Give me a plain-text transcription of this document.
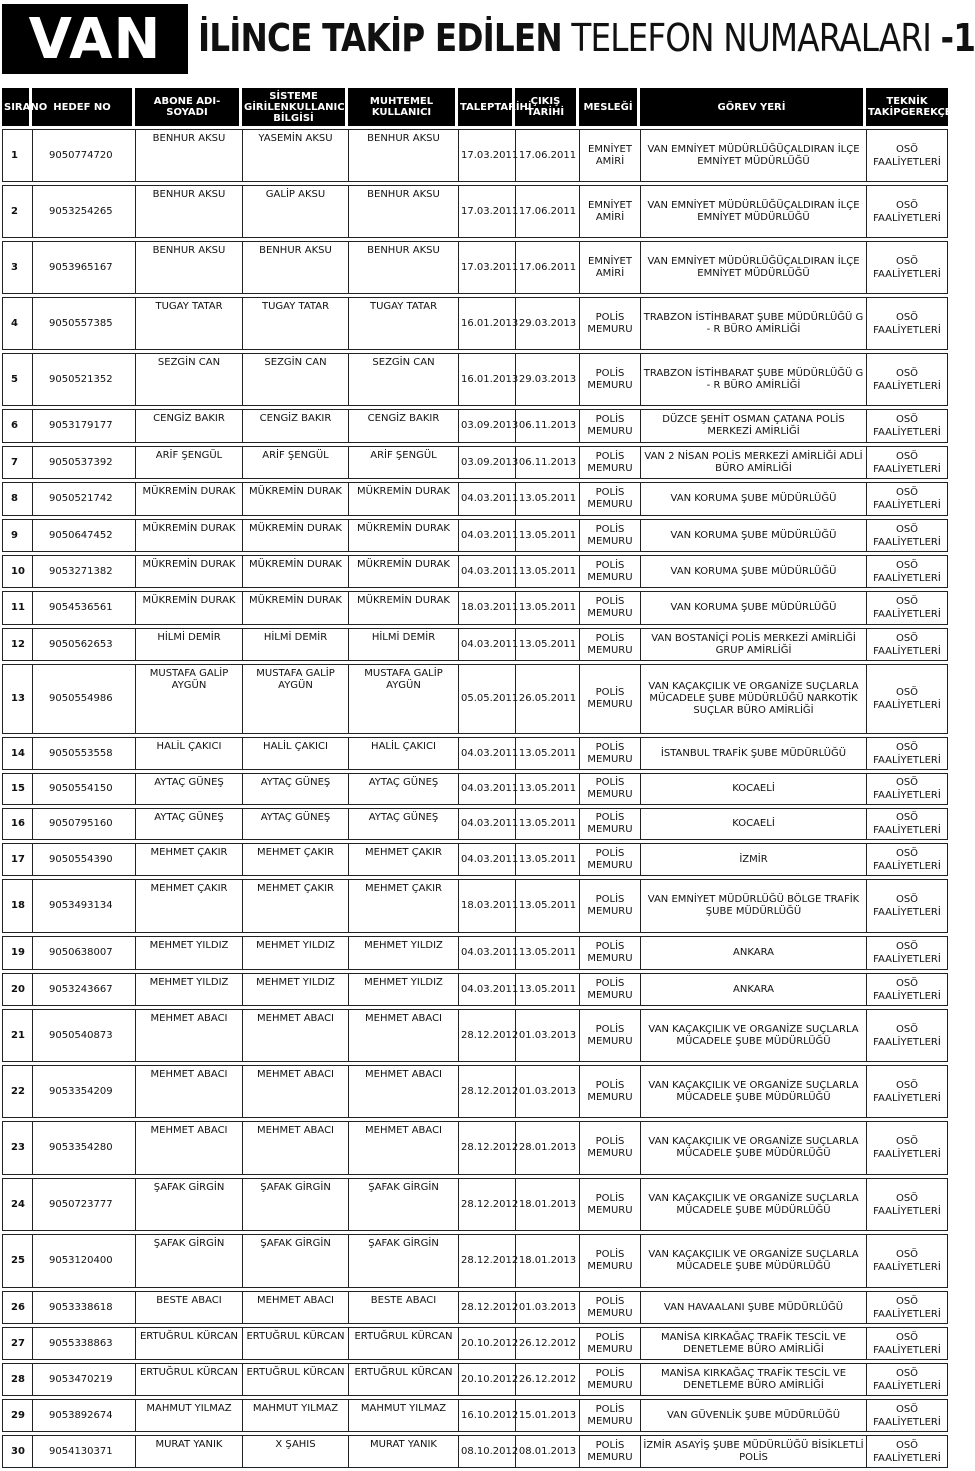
VAN İLİNCE TAKİP EDİLEN TELEFON NUMARALARI -1
SIRANO	HEDEF NO	ABONE ADI-SOYADI	SİSTEME GİRİLENKULLANICI BİLGİSİ	MUHTEMEL KULLANICI	TALEPTARİHİ	ÇIKIŞ TARİHİ	MESLEĞİ	GÖREV YERİ	TEKNİK TAKİPGEREKÇESİ
1	9050774720	BENHUR AKSU	YASEMİN AKSU	BENHUR AKSU	17.03.2011	17.06.2011	EMNİYET
AMİRİ	VAN EMNİYET MÜDÜRLÜĞÜÇALDIRAN İLÇE EMNİYET MÜDÜRLÜĞÜ	OSÖ
FAALİYETLERİ

2	9053254265	BENHUR AKSU	GALİP AKSU	BENHUR AKSU	17.03.2011	17.06.2011	EMNİYET
AMİRİ	VAN EMNİYET MÜDÜRLÜĞÜÇALDIRAN İLÇE EMNİYET MÜDÜRLÜĞÜ	OSÖ
FAALİYETLERİ

3	9053965167	BENHUR AKSU	BENHUR AKSU	BENHUR AKSU	17.03.2011	17.06.2011	EMNİYET
AMİRİ	VAN EMNİYET MÜDÜRLÜĞÜÇALDIRAN İLÇE EMNİYET MÜDÜRLÜĞÜ	OSÖ
FAALİYETLERİ

4	9050557385	TUGAY TATAR	TUGAY TATAR	TUGAY TATAR	16.01.2013	29.03.2013	POLİS
MEMURU	TRABZON İSTİHBARAT ŞUBE MÜDÜRLÜĞÜ G - R BÜRO AMİRLİĞİ	OSÖ
FAALİYETLERİ

5	9050521352	SEZGİN CAN	SEZGİN CAN	SEZGİN CAN	16.01.2013	29.03.2013	POLİS
MEMURU	TRABZON İSTİHBARAT ŞUBE MÜDÜRLÜĞÜ G - R BÜRO AMİRLİĞİ	OSÖ
FAALİYETLERİ

6	9053179177	CENGİZ BAKIR	CENGİZ BAKIR	CENGİZ BAKIR	03.09.2013	06.11.2013	POLİS
MEMURU	DÜZCE ŞEHİT OSMAN ÇATANA POLİS MERKEZİ AMİRLİĞİ	OSÖ
FAALİYETLERİ

7	9050537392	ARİF ŞENGÜL	ARİF ŞENGÜL	ARİF ŞENGÜL	03.09.2013	06.11.2013	POLİS
MEMURU	VAN 2 NİSAN POLİS MERKEZİ AMİRLİĞİ ADLİ BÜRO AMİRLİĞİ	OSÖ
FAALİYETLERİ

8	9050521742	MÜKREMİN DURAK	MÜKREMİN DURAK	MÜKREMİN DURAK	04.03.2011	13.05.2011	POLİS
MEMURU	VAN KORUMA ŞUBE MÜDÜRLÜĞÜ	OSÖ
FAALİYETLERİ

9	9050647452	MÜKREMİN DURAK	MÜKREMİN DURAK	MÜKREMİN DURAK	04.03.2011	13.05.2011	POLİS
MEMURU	VAN KORUMA ŞUBE MÜDÜRLÜĞÜ	OSÖ
FAALİYETLERİ

10	9053271382	MÜKREMİN DURAK	MÜKREMİN DURAK	MÜKREMİN DURAK	04.03.2011	13.05.2011	POLİS
MEMURU	VAN KORUMA ŞUBE MÜDÜRLÜĞÜ	OSÖ
FAALİYETLERİ

11	9054536561	MÜKREMİN DURAK	MÜKREMİN DURAK	MÜKREMİN DURAK	18.03.2011	13.05.2011	POLİS
MEMURU	VAN KORUMA ŞUBE MÜDÜRLÜĞÜ	OSÖ
FAALİYETLERİ

12	9050562653	HİLMİ DEMİR	HİLMİ DEMİR	HİLMİ DEMİR	04.03.2011	13.05.2011	POLİS
MEMURU	VAN BOSTANİÇİ POLİS MERKEZİ AMİRLİĞİ GRUP AMİRLİĞİ	OSÖ
FAALİYETLERİ

13	9050554986	MUSTAFA GALİP AYGÜN	MUSTAFA GALİP AYGÜN	MUSTAFA GALİP AYGÜN	05.05.2011	26.05.2011	POLİS
MEMURU	VAN KAÇAKÇILIK VE ORGANİZE SUÇLARLA MÜCADELE ŞUBE MÜDÜRLÜĞÜ NARKOTİK SUÇLAR BÜRO AMİRLİĞİ	OSÖ
FAALİYETLERİ

14	9050553558	HALİL ÇAKICI	HALİL ÇAKICI	HALİL ÇAKICI	04.03.2011	13.05.2011	POLİS
MEMURU	İSTANBUL TRAFİK ŞUBE MÜDÜRLÜĞÜ	OSÖ
FAALİYETLERİ

15	9050554150	AYTAÇ GÜNEŞ	AYTAÇ GÜNEŞ	AYTAÇ GÜNEŞ	04.03.2011	13.05.2011	POLİS
MEMURU	KOCAELİ	OSÖ
FAALİYETLERİ

16	9050795160	AYTAÇ GÜNEŞ	AYTAÇ GÜNEŞ	AYTAÇ GÜNEŞ	04.03.2011	13.05.2011	POLİS
MEMURU	KOCAELİ	OSÖ
FAALİYETLERİ

17	9050554390	MEHMET ÇAKIR	MEHMET ÇAKIR	MEHMET ÇAKIR	04.03.2011	13.05.2011	POLİS
MEMURU	İZMİR	OSÖ
FAALİYETLERİ

18	9053493134	MEHMET ÇAKIR	MEHMET ÇAKIR	MEHMET ÇAKIR	18.03.2011	13.05.2011	POLİS
MEMURU	VAN EMNİYET MÜDÜRLÜĞÜ BÖLGE TRAFİK ŞUBE MÜDÜRLÜĞÜ	OSÖ
FAALİYETLERİ

19	9050638007	MEHMET YILDIZ	MEHMET YILDIZ	MEHMET YILDIZ	04.03.2011	13.05.2011	POLİS
MEMURU	ANKARA	OSÖ
FAALİYETLERİ

20	9053243667	MEHMET YILDIZ	MEHMET YILDIZ	MEHMET YILDIZ	04.03.2011	13.05.2011	POLİS
MEMURU	ANKARA	OSÖ
FAALİYETLERİ

21	9050540873	MEHMET ABACI	MEHMET ABACI	MEHMET ABACI	28.12.2012	01.03.2013	POLİS
MEMURU	VAN KAÇAKÇILIK VE ORGANİZE SUÇLARLA MÜCADELE ŞUBE MÜDÜRLÜĞÜ	OSÖ
FAALİYETLERİ

22	9053354209	MEHMET ABACI	MEHMET ABACI	MEHMET ABACI	28.12.2012	01.03.2013	POLİS
MEMURU	VAN KAÇAKÇILIK VE ORGANİZE SUÇLARLA MÜCADELE ŞUBE MÜDÜRLÜĞÜ	OSÖ
FAALİYETLERİ

23	9053354280	MEHMET ABACI	MEHMET ABACI	MEHMET ABACI	28.12.2012	28.01.2013	POLİS
MEMURU	VAN KAÇAKÇILIK VE ORGANİZE SUÇLARLA MÜCADELE ŞUBE MÜDÜRLÜĞÜ	OSÖ
FAALİYETLERİ

24	9050723777	ŞAFAK GİRGİN	ŞAFAK GİRGİN	ŞAFAK GİRGİN	28.12.2012	18.01.2013	POLİS
MEMURU	VAN KAÇAKÇILIK VE ORGANİZE SUÇLARLA MÜCADELE ŞUBE MÜDÜRLÜĞÜ	OSÖ
FAALİYETLERİ

25	9053120400	ŞAFAK GİRGİN	ŞAFAK GİRGİN	ŞAFAK GİRGİN	28.12.2012	18.01.2013	POLİS
MEMURU	VAN KAÇAKÇILIK VE ORGANİZE SUÇLARLA MÜCADELE ŞUBE MÜDÜRLÜĞÜ	OSÖ
FAALİYETLERİ

26	9053338618	BESTE ABACI	MEHMET ABACI	BESTE ABACI	28.12.2012	01.03.2013	POLİS
MEMURU	VAN HAVAALANI ŞUBE MÜDÜRLÜĞÜ	OSÖ
FAALİYETLERİ

27	9055338863	ERTUĞRUL KÜRCAN	ERTUĞRUL KÜRCAN	ERTUĞRUL KÜRCAN	20.10.2012	26.12.2012	POLİS
MEMURU	MANİSA KIRKAĞAÇ TRAFİK TESCİL VE DENETLEME BÜRO AMİRLİĞİ	OSÖ
FAALİYETLERİ

28	9053470219	ERTUĞRUL KÜRCAN	ERTUĞRUL KÜRCAN	ERTUĞRUL KÜRCAN	20.10.2012	26.12.2012	POLİS
MEMURU	MANİSA KIRKAĞAÇ TRAFİK TESCİL VE DENETLEME BÜRO AMİRLİĞİ	OSÖ
FAALİYETLERİ

29	9053892674	MAHMUT YILMAZ	MAHMUT YILMAZ	MAHMUT YILMAZ	16.10.2012	15.01.2013	POLİS
MEMURU	VAN GÜVENLİK ŞUBE MÜDÜRLÜĞÜ	OSÖ
FAALİYETLERİ

30	9054130371	MURAT YANIK	X ŞAHIS	MURAT YANIK	08.10.2012	08.01.2013	POLİS
MEMURU	İZMİR ASAYİŞ ŞUBE MÜDÜRLÜĞÜ BİSİKLETLİ POLİS	OSÖ
FAALİYETLERİ
